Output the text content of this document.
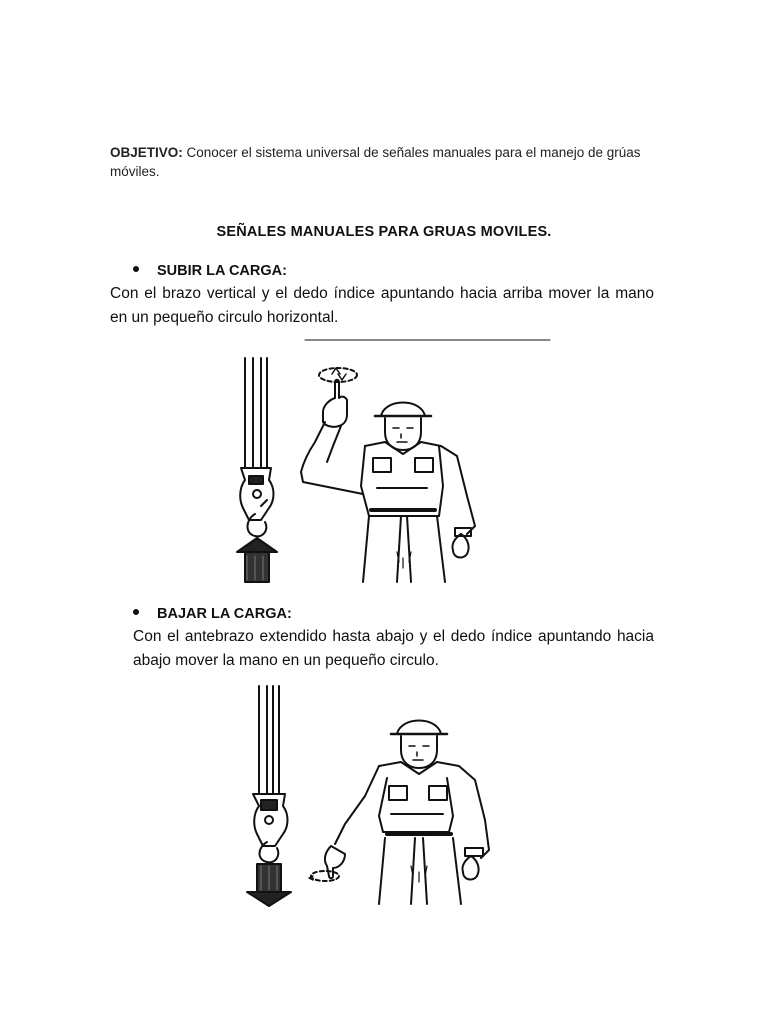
OBJETIVO: Conocer el sistema universal de señales manuales para el manejo de grúas móviles.
SEÑALES MANUALES PARA GRUAS MOVILES.
SUBIR LA CARGA:
Con el brazo vertical y el dedo índice apuntando hacia arriba mover la mano en un pequeño circulo horizontal.
BAJAR LA CARGA:
Con el antebrazo extendido hasta abajo y el dedo índice apuntando hacia abajo mover la mano en un pequeño circulo.
